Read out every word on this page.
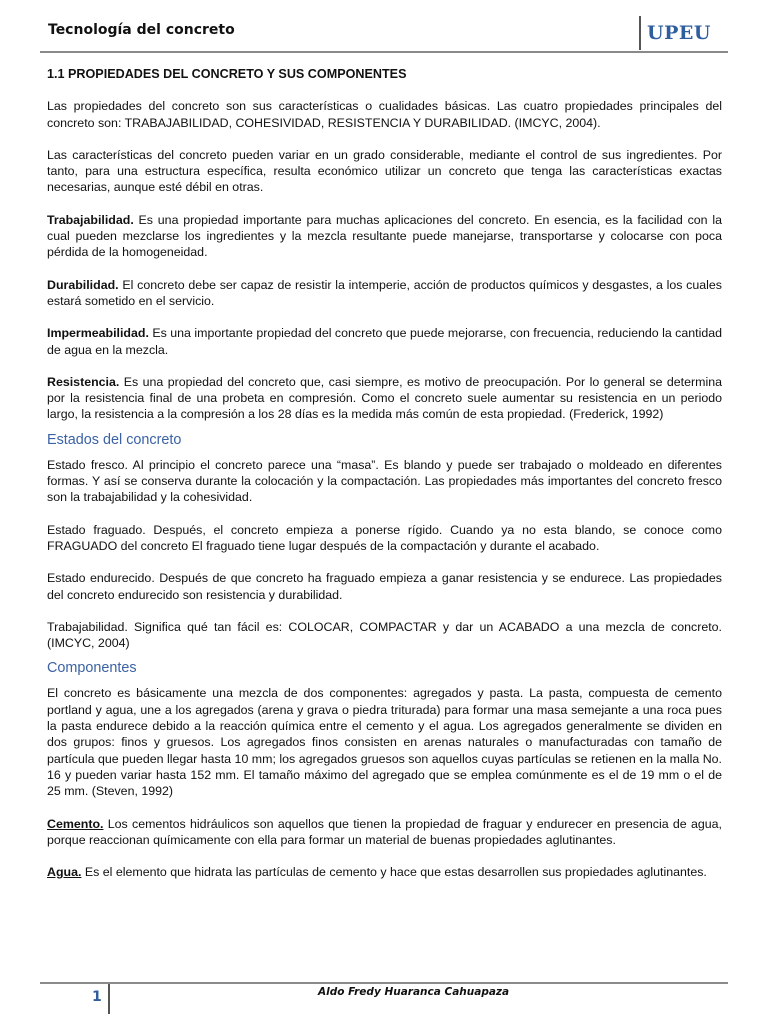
Tecnología del concreto	UPEU

1.1 PROPIEDADES DEL CONCRETO Y SUS COMPONENTES

Las propiedades del concreto son sus características o cualidades básicas. Las cuatro propiedades principales del concreto son: TRABAJABILIDAD, COHESIVIDAD, RESISTENCIA Y DURABILIDAD. (IMCYC, 2004).

Las características del concreto pueden variar en un grado considerable, mediante el control de sus ingredientes. Por tanto, para una estructura específica, resulta económico utilizar un concreto que tenga las características exactas necesarias, aunque esté débil en otras.

Trabajabilidad. Es una propiedad importante para muchas aplicaciones del concreto. En esencia, es la facilidad con la cual pueden mezclarse los ingredientes y la mezcla resultante puede manejarse, transportarse y colocarse con poca pérdida de la homogeneidad.

Durabilidad. El concreto debe ser capaz de resistir la intemperie, acción de productos químicos y desgastes, a los cuales estará sometido en el servicio.

Impermeabilidad. Es una importante propiedad del concreto que puede mejorarse, con frecuencia, reduciendo la cantidad de agua en la mezcla.

Resistencia. Es una propiedad del concreto que, casi siempre, es motivo de preocupación. Por lo general se determina por la resistencia final de una probeta en compresión. Como el concreto suele aumentar su resistencia en un periodo largo, la resistencia a la compresión a los 28 días es la medida más común de esta propiedad. (Frederick, 1992)

Estados del concreto

Estado fresco. Al principio el concreto parece una “masa”. Es blando y puede ser trabajado o moldeado en diferentes formas. Y así se conserva durante la colocación y la compactación. Las propiedades más importantes del concreto fresco son la trabajabilidad y la cohesividad.

Estado fraguado. Después, el concreto empieza a ponerse rígido. Cuando ya no esta blando, se conoce como FRAGUADO del concreto El fraguado tiene lugar después de la compactación y durante el acabado.

Estado endurecido. Después de que concreto ha fraguado empieza a ganar resistencia y se endurece. Las propiedades del concreto endurecido son resistencia y durabilidad.

Trabajabilidad. Significa qué tan fácil es: COLOCAR, COMPACTAR y dar un ACABADO a una mezcla de concreto. (IMCYC, 2004)

Componentes

El concreto es básicamente una mezcla de dos componentes: agregados y pasta. La pasta, compuesta de cemento portland y agua, une a los agregados (arena y grava o piedra triturada) para formar una masa semejante a una roca pues la pasta endurece debido a la reacción química entre el cemento y el agua. Los agregados generalmente se dividen en dos grupos: finos y gruesos. Los agregados finos consisten en arenas naturales o manufacturadas con tamaño de partícula que pueden llegar hasta 10 mm; los agregados gruesos son aquellos cuyas partículas se retienen en la malla No. 16 y pueden variar hasta 152 mm. El tamaño máximo del agregado que se emplea comúnmente es el de 19 mm o el de 25 mm. (Steven, 1992)

Cemento. Los cementos hidráulicos son aquellos que tienen la propiedad de fraguar y endurecer en presencia de agua, porque reaccionan químicamente con ella para formar un material de buenas propiedades aglutinantes.

Agua. Es el elemento que hidrata las partículas de cemento y hace que estas desarrollen sus propiedades aglutinantes.

1	Aldo Fredy Huaranca Cahuapaza
